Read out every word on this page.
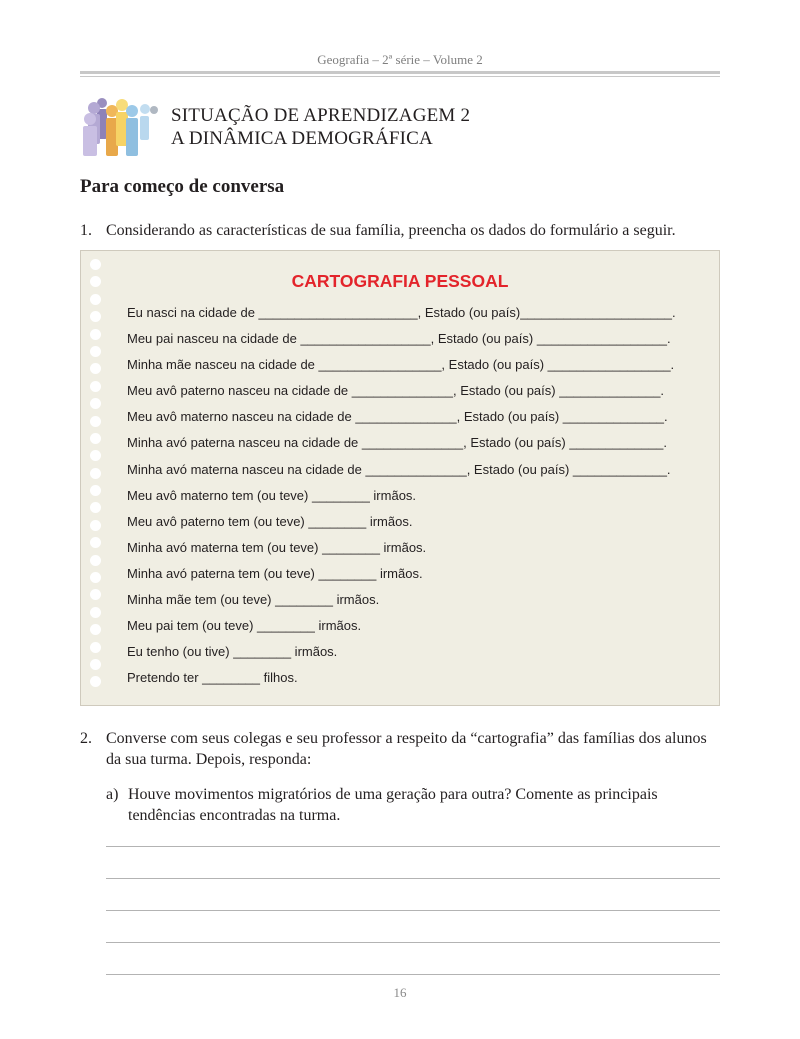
Geografia – 2ª série – Volume 2
SITUAÇÃO DE APRENDIZAGEM 2
A DINÂMICA DEMOGRÁFICA
Para começo de conversa
1. Considerando as características de sua família, preencha os dados do formulário a seguir.
CARTOGRAFIA PESSOAL
Eu nasci na cidade de ______________________, Estado (ou país)_____________________.
Meu pai nasceu na cidade de __________________, Estado (ou país) __________________.
Minha mãe nasceu na cidade de _________________, Estado (ou país) _________________.
Meu avô paterno nasceu na cidade de ______________, Estado (ou país) ______________.
Meu avô materno nasceu na cidade de ______________, Estado (ou país) ______________.
Minha avó paterna nasceu na cidade de ______________, Estado (ou país) _____________.
Minha avó materna nasceu na cidade de ______________, Estado (ou país) _____________.
Meu avô materno tem (ou teve) ________ irmãos.
Meu avô paterno tem (ou teve) ________ irmãos.
Minha avó materna tem (ou teve) ________ irmãos.
Minha avó paterna tem (ou teve) ________ irmãos.
Minha mãe tem (ou teve) ________ irmãos.
Meu pai tem (ou teve) ________ irmãos.
Eu tenho (ou tive) ________ irmãos.
Pretendo ter ________ filhos.
2. Converse com seus colegas e seu professor a respeito da “cartografia” das famílias dos alunos da sua turma. Depois, responda:
a) Houve movimentos migratórios de uma geração para outra? Comente as principais tendências encontradas na turma.
16
